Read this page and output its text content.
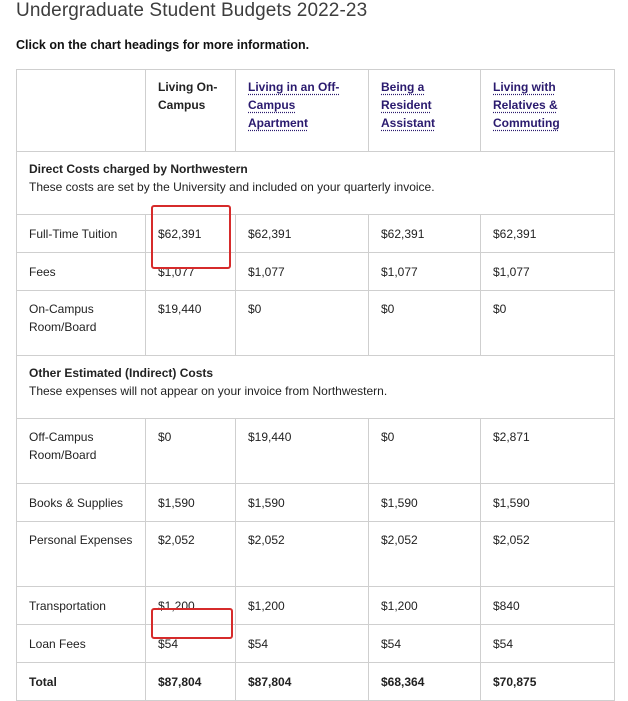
Undergraduate Student Budgets 2022-23
Click on the chart headings for more information.

	Living On-Campus	Living in an Off-Campus Apartment	Being a Resident Assistant	Living with Relatives & Commuting

Direct Costs charged by Northwestern
These costs are set by the University and included on your quarterly invoice.				

Full-Time Tuition	$62,391	$62,391	$62,391	$62,391
Fees	$1,077	$1,077	$1,077	$1,077
On-Campus Room/Board	$19,440	$0	$0	$0

Other Estimated (Indirect) Costs
These expenses will not appear on your invoice from Northwestern.				

Off-Campus Room/Board	$0	$19,440	$0	$2,871
Books & Supplies	$1,590	$1,590	$1,590	$1,590
Personal Expenses	$2,052	$2,052	$2,052	$2,052
Transportation	$1,200	$1,200	$1,200	$840
Loan Fees	$54	$54	$54	$54
Total	$87,804	$87,804	$68,364	$70,875
